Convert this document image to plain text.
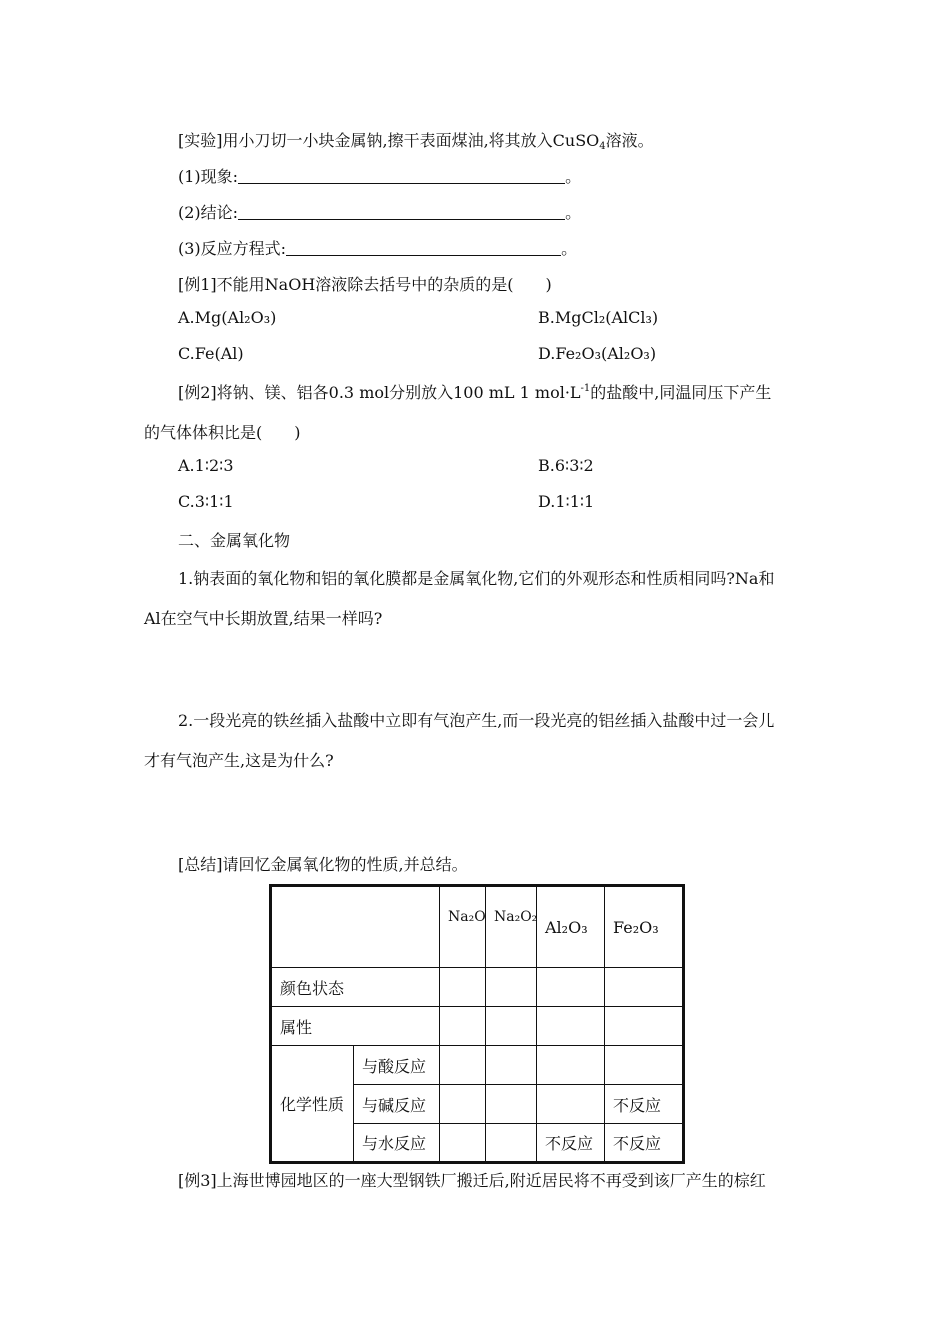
[实验]用小刀切一小块金属钠,擦干表面煤油,将其放入CuSO$_4$溶液。
(1)现象:	。
(2)结论:	。
(3)反应方程式:	。
[例1]不能用NaOH溶液除去括号中的杂质的是(　　)
A.Mg(Al₂O₃)	B.MgCl₂(AlCl₃)
C.Fe(Al)	D.Fe₂O₃(Al₂O₃)
[例2]将钠、镁、铝各0.3 mol分别放入100 mL 1 $mol\cdot L^{-1}$的盐酸中,同温同压下产生
的气体体积比是(　　)
A.1∶2∶3	B.6∶3∶2
C.3∶1∶1	D.1∶1∶1
二、金属氧化物
1.钠表面的氧化物和铝的氧化膜都是金属氧化物,它们的外观形态和性质相同吗?Na和
Al在空气中长期放置,结果一样吗?
2.一段光亮的铁丝插入盐酸中立即有气泡产生,而一段光亮的铝丝插入盐酸中过一会儿
才有气泡产生,这是为什么?
[总结]请回忆金属氧化物的性质,并总结。
		Na₂O	Na₂O₂	Al₂O₃	Fe₂O₃
颜色状态					
属性					
化学性质	与酸反应				
	与碱反应				不反应
	与水反应			不反应	不反应
[例3]上海世博园地区的一座大型钢铁厂搬迁后,附近居民将不再受到该厂产生的棕红
